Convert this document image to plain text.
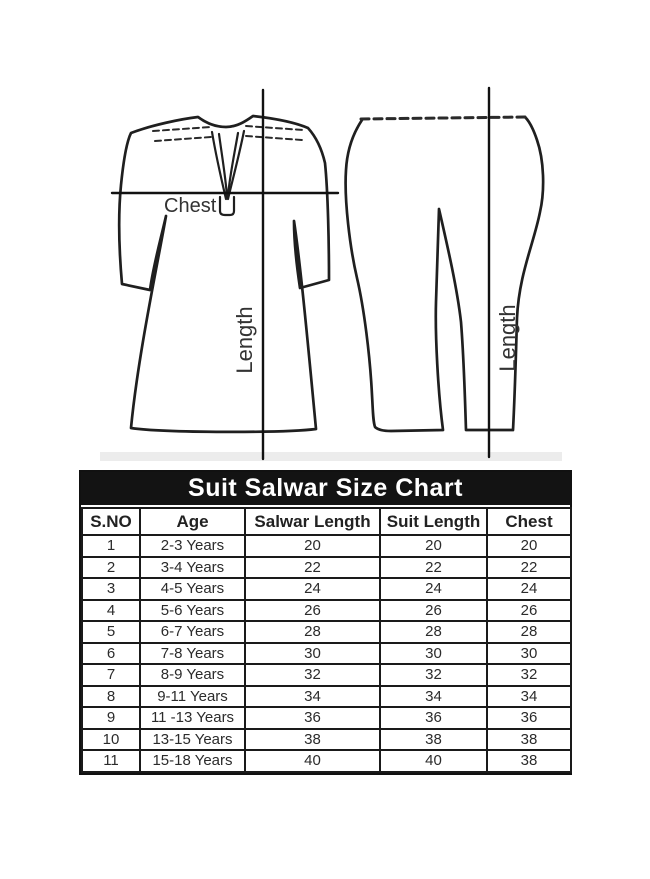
Chest
Length	Length
Suit Salwar Size Chart
S.NO	Age	Salwar Length	Suit Length	Chest
1	2-3 Years	20	20	20
2	3-4 Years	22	22	22
3	4-5 Years	24	24	24
4	5-6 Years	26	26	26
5	6-7 Years	28	28	28
6	7-8 Years	30	30	30
7	8-9 Years	32	32	32
8	9-11 Years	34	34	34
9	11 -13 Years	36	36	36
10	13-15 Years	38	38	38
11	15-18 Years	40	40	38
